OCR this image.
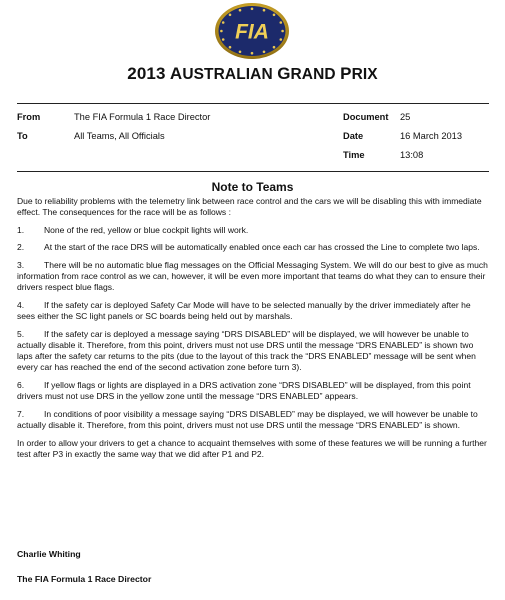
FIA
2013 AUSTRALIAN GRAND PRIX
From	The FIA Formula 1 Race Director
To	All Teams, All Officials
Document 25
Date	16 March 2013
Time	13:08
Note to Teams

Due to reliability problems with the telemetry link between race control and the cars we will be disabling this with immediate effect. The consequences for the race will be as follows :

1. None of the red, yellow or blue cockpit lights will work.

2. At the start of the race DRS will be automatically enabled once each car has crossed the Line to complete two laps.

3. There will be no automatic blue flag messages on the Official Messaging System. We will do our best to give as much information from race control as we can, however, it will be even more important that teams do what they can to ensure their drivers respect blue flags.

4. If the safety car is deployed Safety Car Mode will have to be selected manually by the driver immediately after he sees either the SC light panels or SC boards being held out by marshals.

5. If the safety car is deployed a message saying “DRS DISABLED” will be displayed, we will however be unable to actually disable it. Therefore, from this point, drivers must not use DRS until the message “DRS ENABLED” is shown two laps after the safety car returns to the pits (due to the layout of this track the “DRS ENABLED” message will be sent when every car has reached the end of the second activation zone before turn 3).

6. If yellow flags or lights are displayed in a DRS activation zone “DRS DISABLED” will be displayed, from this point drivers must not use DRS in the yellow zone until the message “DRS ENABLED” appears.

7. In conditions of poor visibility a message saying “DRS DISABLED” may be displayed, we will however be unable to actually disable it. Therefore, from this point, drivers must not use DRS until the message “DRS ENABLED” is shown.

In order to allow your drivers to get a chance to acquaint themselves with some of these features we will be running a further test after P3 in exactly the same way that we did after P1 and P2.

Charlie Whiting
The FIA Formula 1 Race Director
